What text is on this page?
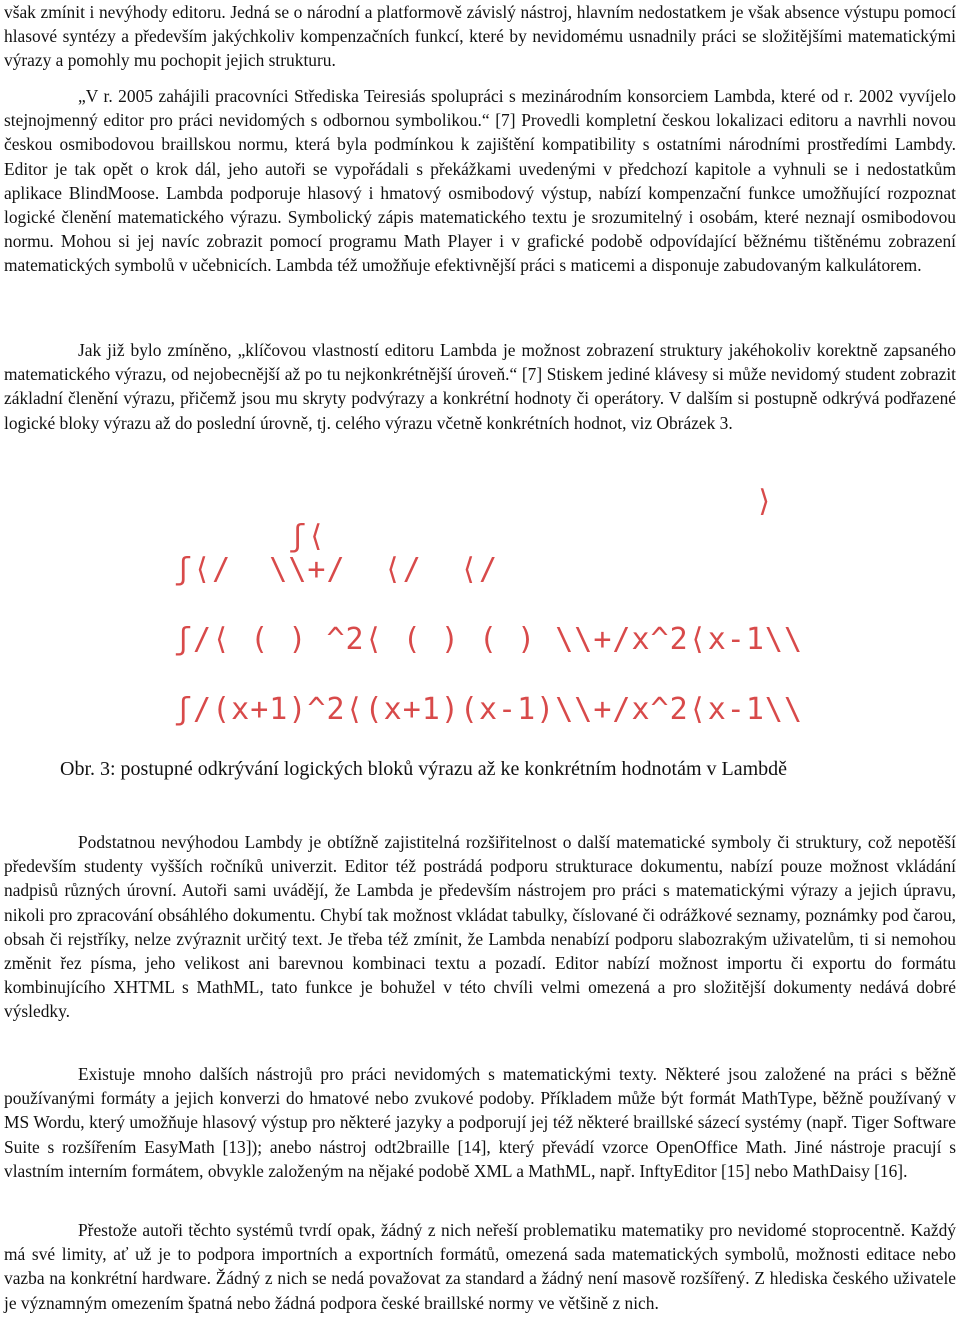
však zmínit i nevýhody editoru. Jedná se o národní a platformově závislý nástroj, hlavním nedostatkem je však absence výstupu pomocí hlasové syntézy a především jakýchkoliv kompenzačních funkcí, které by nevidomému usnadnily práci se složitějšími matematickými výrazy a pomohly mu pochopit jejich strukturu.

„V r. 2005 zahájili pracovníci Střediska Teiresiás spolupráci s mezinárodním konsorciem Lambda, které od r. 2002 vyvíjelo stejnojmenný editor pro práci nevidomých s odbornou symbolikou.“ [7] Provedli kompletní českou lokalizaci editoru a navrhli novou českou osmibodovou braillskou normu, která byla podmínkou k zajištění kompatibility s ostatními národními prostředími Lambdy. Editor je tak opět o krok dál, jeho autoři se vypořádali s překážkami uvedenými v předchozí kapitole a vyhnuli se i nedostatkům aplikace BlindMoose. Lambda podporuje hlasový i hmatový osmibodový výstup, nabízí kompenzační funkce umožňující rozpoznat logické členění matematického výrazu. Symbolický zápis matematického textu je srozumitelný i osobám, které neznají osmibodovou normu. Mohou si jej navíc zobrazit pomocí programu Math Player i v grafické podobě odpovídající běžnému tištěnému zobrazení matematických symbolů v učebnicích. Lambda též umožňuje efektivnější práci s maticemi a disponuje zabudovaným kalkulátorem.

Jak již bylo zmíněno, „klíčovou vlastností editoru Lambda je možnost zobrazení struktury jakéhokoliv korektně zapsaného matematického výrazu, od nejobecnější až po tu nejkonkrétnější úroveň.“ [7] Stiskem jediné klávesy si může nevidomý student zobrazit základní členění výrazu, přičemž jsou mu skryty podvýrazy a konkrétní hodnoty či operátory. V dalším si postupně odkrývá podřazené logické bloky výrazu až do poslední úrovně, tj. celého výrazu včetně konkrétních hodnot, viz Obrázek 3.

ʃ⟨

⟩

ʃ⟨/  \\+/  ⟨/  ⟨/
ʃ/⟨ ( ) ^2⟨ ( ) ( ) \\+/x^2⟨x-1\\
ʃ/(x+1)^2⟨(x+1)(x-1)\\+/x^2⟨x-1\\
Obr. 3: postupné odkrývání logických bloků výrazu až ke konkrétním hodnotám v Lambdě

Podstatnou nevýhodou Lambdy je obtížně zajistitelná rozšiřitelnost o další matematické symboly či struktury, což nepotěší především studenty vyšších ročníků univerzit. Editor též postrádá podporu strukturace dokumentu, nabízí pouze možnost vkládání nadpisů různých úrovní. Autoři sami uvádějí, že Lambda je především nástrojem pro práci s matematickými výrazy a jejich úpravu, nikoli pro zpracování obsáhlého dokumentu. Chybí tak možnost vkládat tabulky, číslované či odrážkové seznamy, poznámky pod čarou, obsah či rejstříky, nelze zvýraznit určitý text. Je třeba též zmínit, že Lambda nenabízí podporu slabozrakým uživatelům, ti si nemohou změnit řez písma, jeho velikost ani barevnou kombinaci textu a pozadí. Editor nabízí možnost importu či exportu do formátu kombinujícího XHTML s MathML, tato funkce je bohužel v této chvíli velmi omezená a pro složitější dokumenty nedává dobré výsledky.

Existuje mnoho dalších nástrojů pro práci nevidomých s matematickými texty. Některé jsou založené na práci s běžně používanými formáty a jejich konverzi do hmatové nebo zvukové podoby. Příkladem může být formát MathType, běžně používaný v MS Wordu, který umožňuje hlasový výstup pro některé jazyky a podporují jej též některé braillské sázecí systémy (např. Tiger Software Suite s rozšířením EasyMath [13]); anebo nástroj odt2braille [14], který převádí vzorce OpenOffice Math. Jiné nástroje pracují s vlastním interním formátem, obvykle založeným na nějaké podobě XML a MathML, např. InftyEditor [15] nebo MathDaisy [16].

Přestože autoři těchto systémů tvrdí opak, žádný z nich neřeší problematiku matematiky pro nevidomé stoprocentně. Každý má své limity, ať už je to podpora importních a exportních formátů, omezená sada matematických symbolů, možnosti editace nebo vazba na konkrétní hardware. Žádný z nich se nedá považovat za standard a žádný není masově rozšířený. Z hlediska českého uživatele je významným omezením špatná nebo žádná podpora české braillské normy ve většině z nich.
